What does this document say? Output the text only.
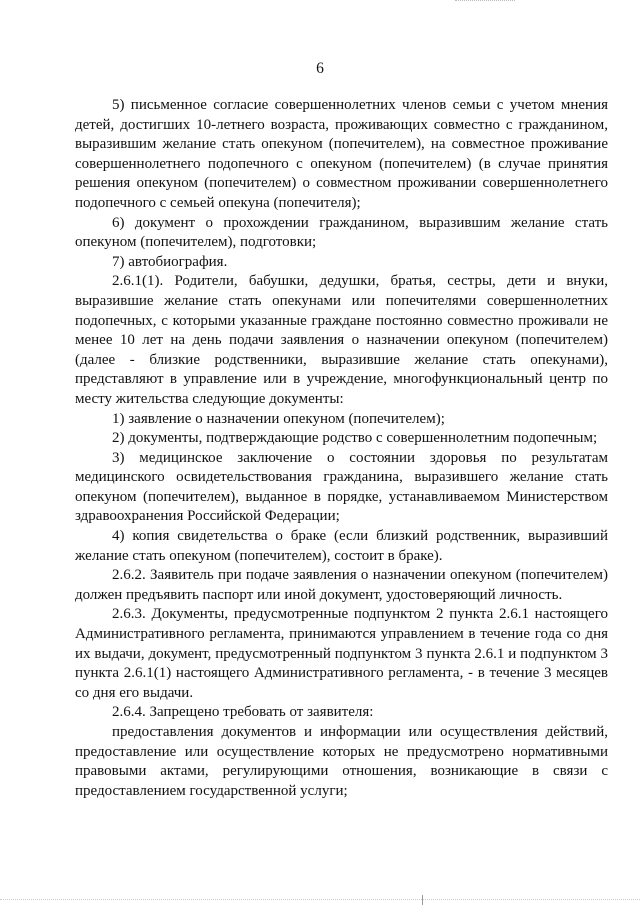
6

5) письменное согласие совершеннолетних членов семьи с учетом мнения детей, достигших 10-летнего возраста, проживающих совместно с гражданином, выразившим желание стать опекуном (попечителем), на совместное проживание совершеннолетнего подопечного с опекуном (попечителем) (в случае принятия решения опекуном (попечителем) о совместном проживании совершеннолетнего подопечного с семьей опекуна (попечителя);

6) документ о прохождении гражданином, выразившим желание стать опекуном (попечителем), подготовки;

7) автобиография.

2.6.1(1). Родители, бабушки, дедушки, братья, сестры, дети и внуки, выразившие желание стать опекунами или попечителями совершеннолетних подопечных, с которыми указанные граждане постоянно совместно проживали не менее 10 лет на день подачи заявления о назначении опекуном (попечителем) (далее - близкие родственники, выразившие желание стать опекунами), представляют в управление или в учреждение, многофункциональный центр по месту жительства следующие документы:

1) заявление о назначении опекуном (попечителем);

2) документы, подтверждающие родство с совершеннолетним подопечным;

3) медицинское заключение о состоянии здоровья по результатам медицинского освидетельствования гражданина, выразившего желание стать опекуном (попечителем), выданное в порядке, устанавливаемом Министерством здравоохранения Российской Федерации;

4) копия свидетельства о браке (если близкий родственник, выразивший желание стать опекуном (попечителем), состоит в браке).

2.6.2. Заявитель при подаче заявления о назначении опекуном (попечителем) должен предъявить паспорт или иной документ, удостоверяющий личность.

2.6.3. Документы, предусмотренные подпунктом 2 пункта 2.6.1 настоящего Административного регламента, принимаются управлением в течение года со дня их выдачи, документ, предусмотренный подпунктом 3 пункта 2.6.1 и подпунктом 3 пункта 2.6.1(1) настоящего Административного регламента, - в течение 3 месяцев со дня его выдачи.

2.6.4. Запрещено требовать от заявителя:

предоставления документов и информации или осуществления действий, предоставление или осуществление которых не предусмотрено нормативными правовыми актами, регулирующими отношения, возникающие в связи с предоставлением государственной услуги;
